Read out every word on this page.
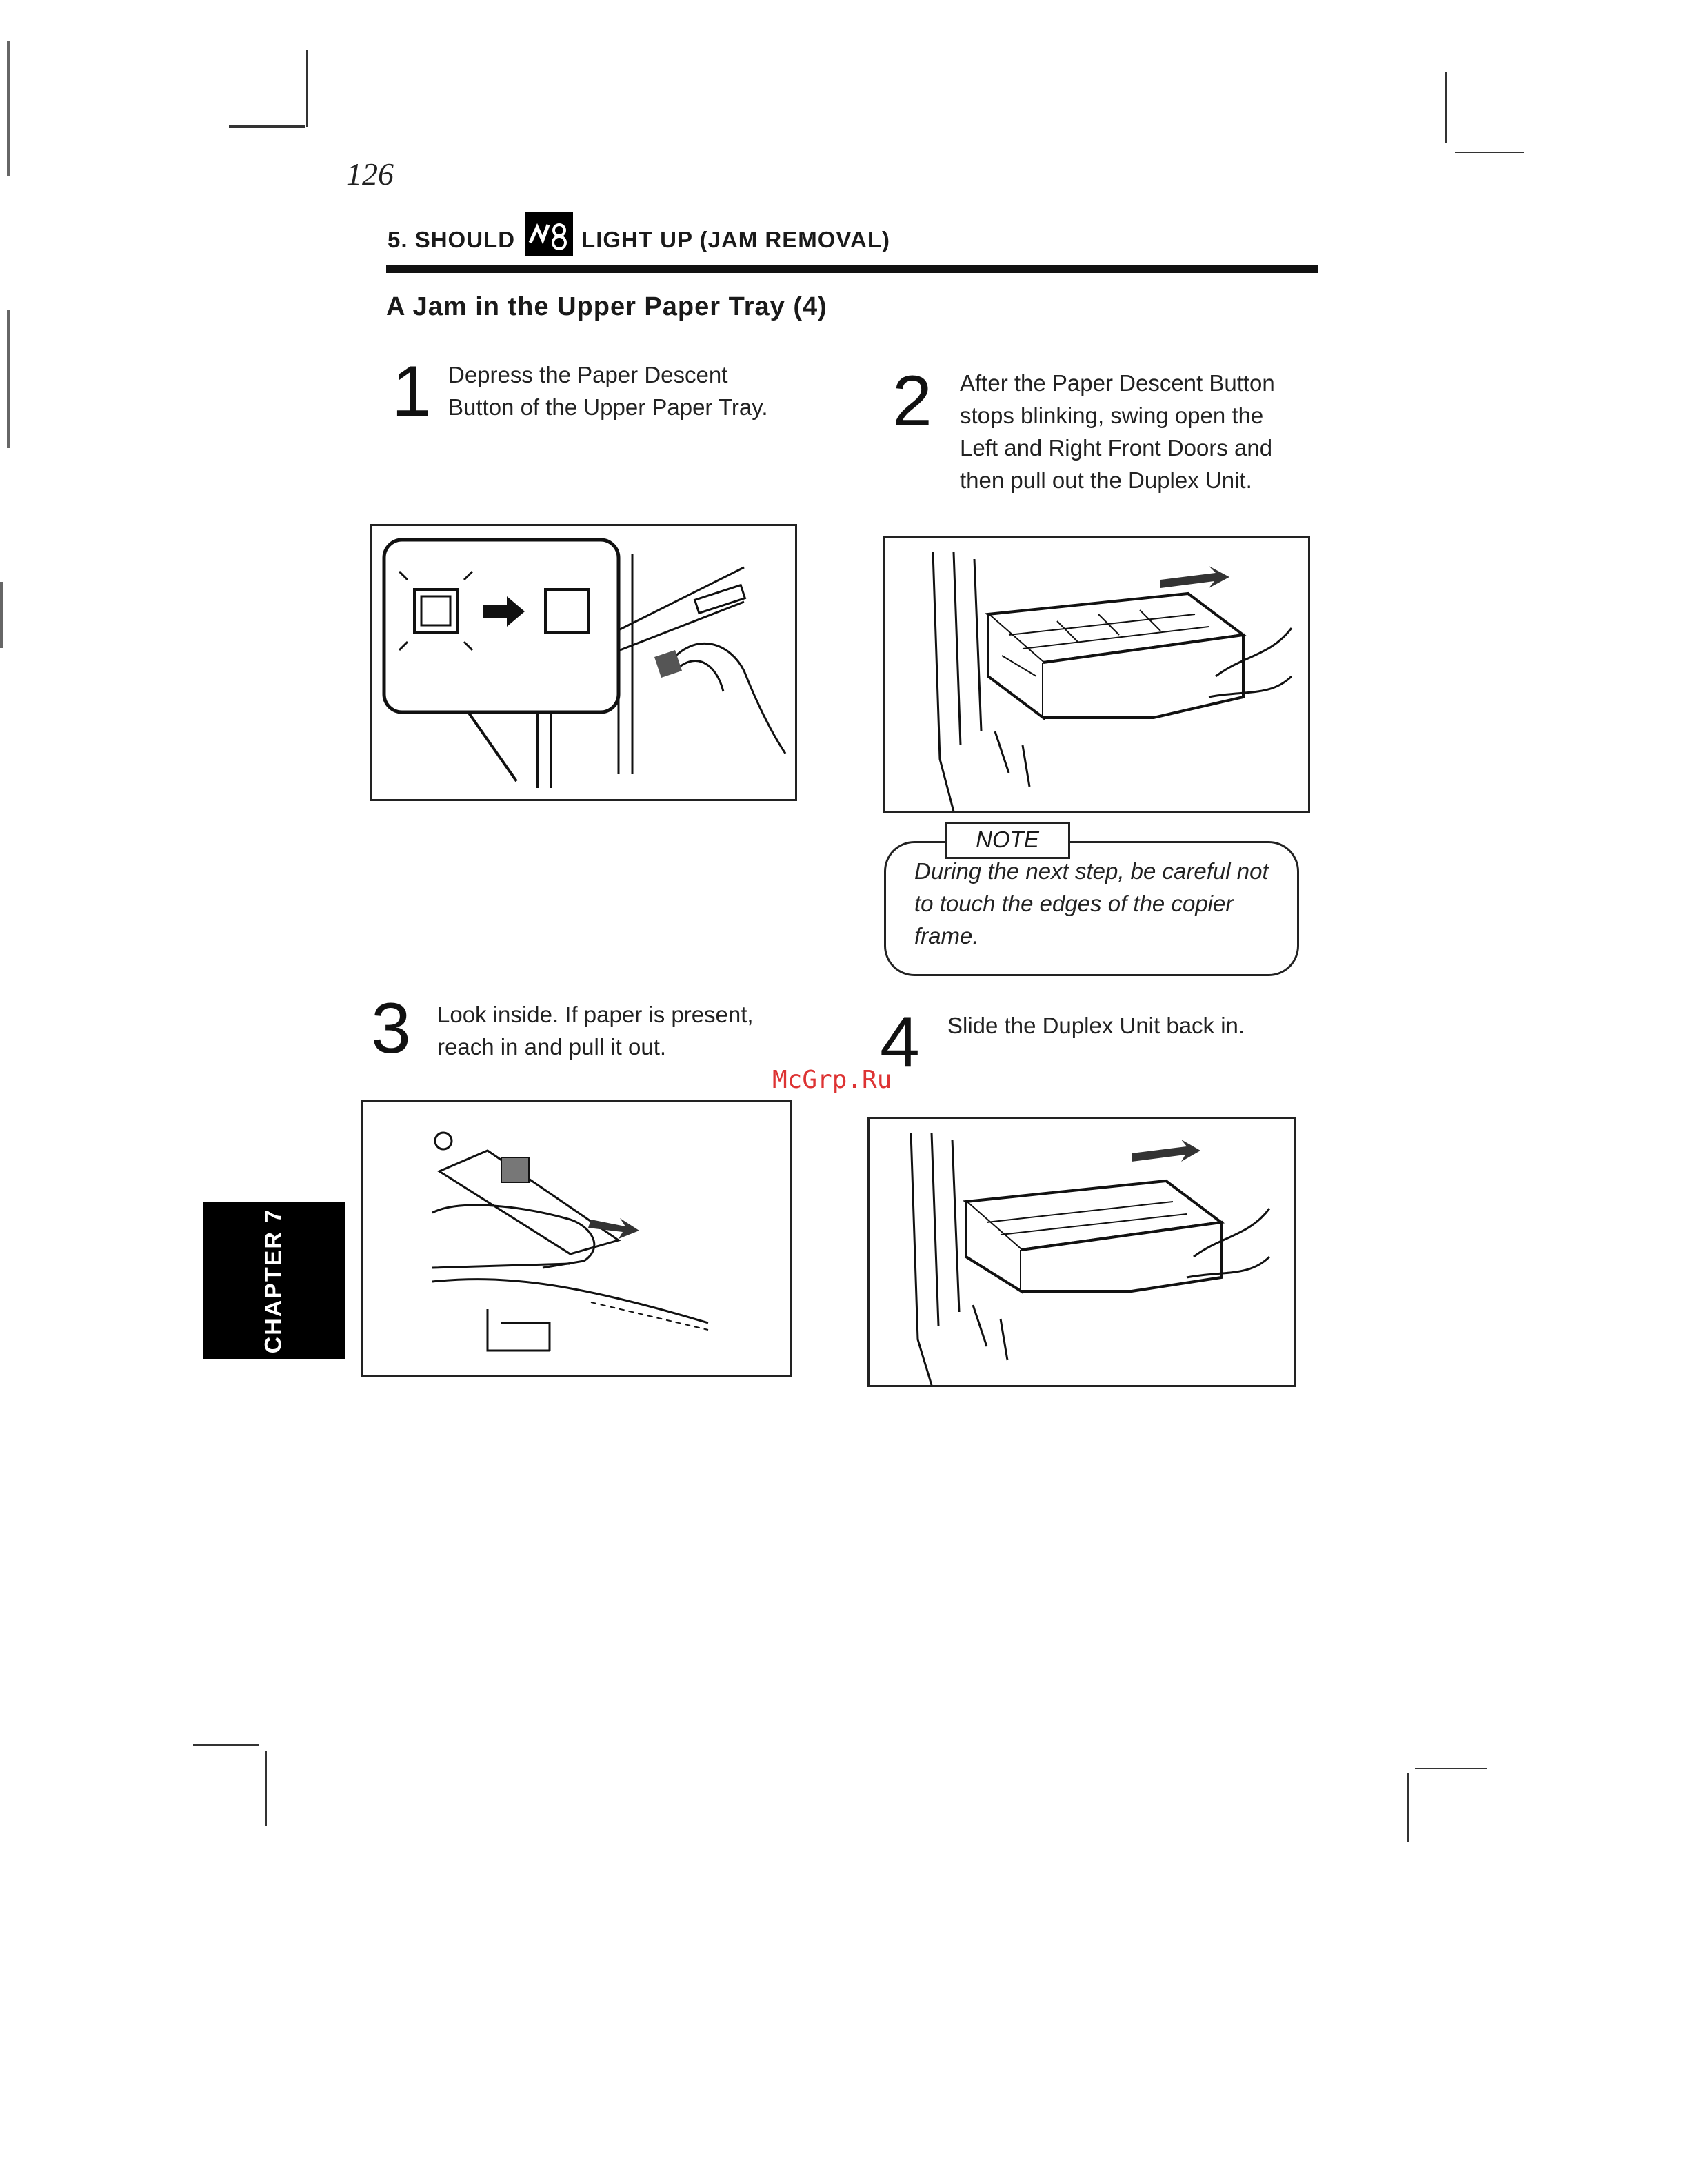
126
5. SHOULD	LIGHT UP (JAM REMOVAL)
A Jam in the Upper Paper Tray (4)
1 Depress the Paper Descent Button of the Upper Paper Tray. 2 After the Paper Descent Button stops blinking, swing open the Left and Right Front Doors and then pull out the Duplex Unit.
NOTE
During the next step, be careful not to touch the edges of the copier frame.
3 Look inside. If paper is present, reach in and pull it out.	4 Slide the Duplex Unit back in.
McGrp.Ru
CHAPTER 7
